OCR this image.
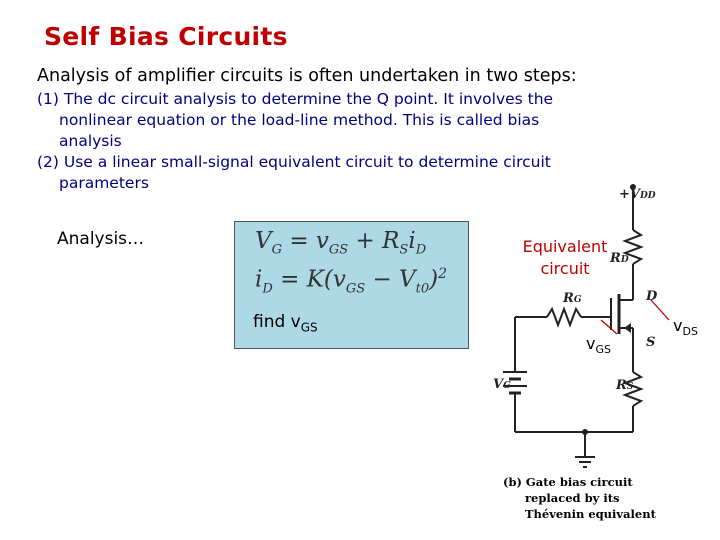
Self Bias Circuits
Analysis of amplifier circuits is often undertaken in two steps:
(1) The dc circuit analysis to determine the Q point. It involves the
nonlinear equation or the load-line method. This is called bias
analysis
(2) Use a linear small-signal equivalent circuit to determine circuit
parameters
Analysis…	$V_G = v_{GS} + R_Si_D$
$i_D = K(v_{GS} - V_{t0})^2$
find $v_{GS}$
+VDD
RD
RG	D
S
VG	RS
Equivalent
circuit
$v_{GS}$
$v_{DS}$
(b) Gate bias circuit
replaced by its
Thévenin equivalent
